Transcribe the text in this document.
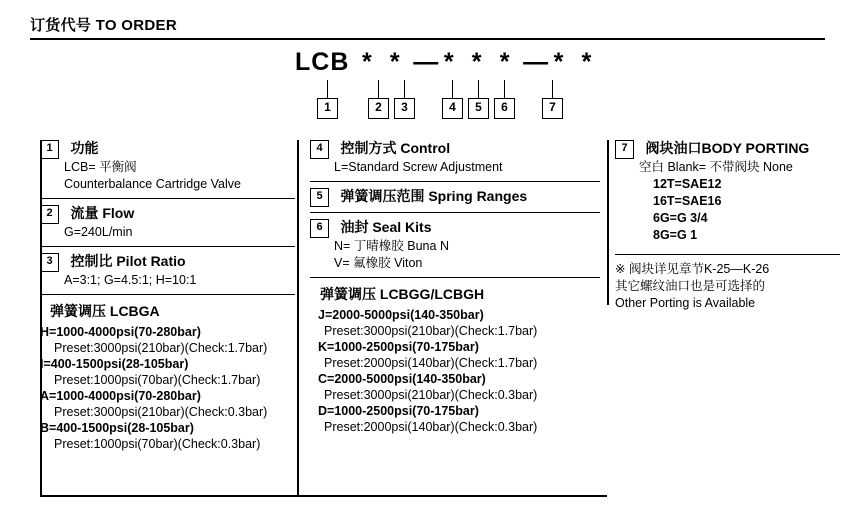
订货代号 TO ORDER
LCB * * — * * * — * *
1	2	3	4	5	6	7
1 功能
LCB= 平衡阀
Counterbalance Cartridge Valve
2 流量 Flow
G=240L/min
3 控制比 Pilot Ratio
A=3:1; G=4.5:1; H=10:1
弹簧调压 LCBGA
H=1000-4000psi(70-280bar)
Preset:3000psi(210bar)(Check:1.7bar)
I=400-1500psi(28-105bar)
Preset:1000psi(70bar)(Check:1.7bar)
A=1000-4000psi(70-280bar)
Preset:3000psi(210bar)(Check:0.3bar)
B=400-1500psi(28-105bar)
Preset:1000psi(70bar)(Check:0.3bar)
4 控制方式 Control
L=Standard Screw Adjustment
5 弹簧调压范围 Spring Ranges
6 油封 Seal Kits
N= 丁晴橡胶 Buna N
V= 氟橡胶 Viton
弹簧调压 LCBGG/LCBGH
J=2000-5000psi(140-350bar)
Preset:3000psi(210bar)(Check:1.7bar)
K=1000-2500psi(70-175bar)
Preset:2000psi(140bar)(Check:1.7bar)
C=2000-5000psi(140-350bar)
Preset:3000psi(210bar)(Check:0.3bar)
D=1000-2500psi(70-175bar)
Preset:2000psi(140bar)(Check:0.3bar)
7 阀块油口BODY PORTING
空白 Blank= 不带阀块 None
12T=SAE12
16T=SAE16
6G=G 3/4
8G=G 1
※ 阀块详见章节K-25—K-26
其它螺纹油口也是可选择的
Other Porting is Available
